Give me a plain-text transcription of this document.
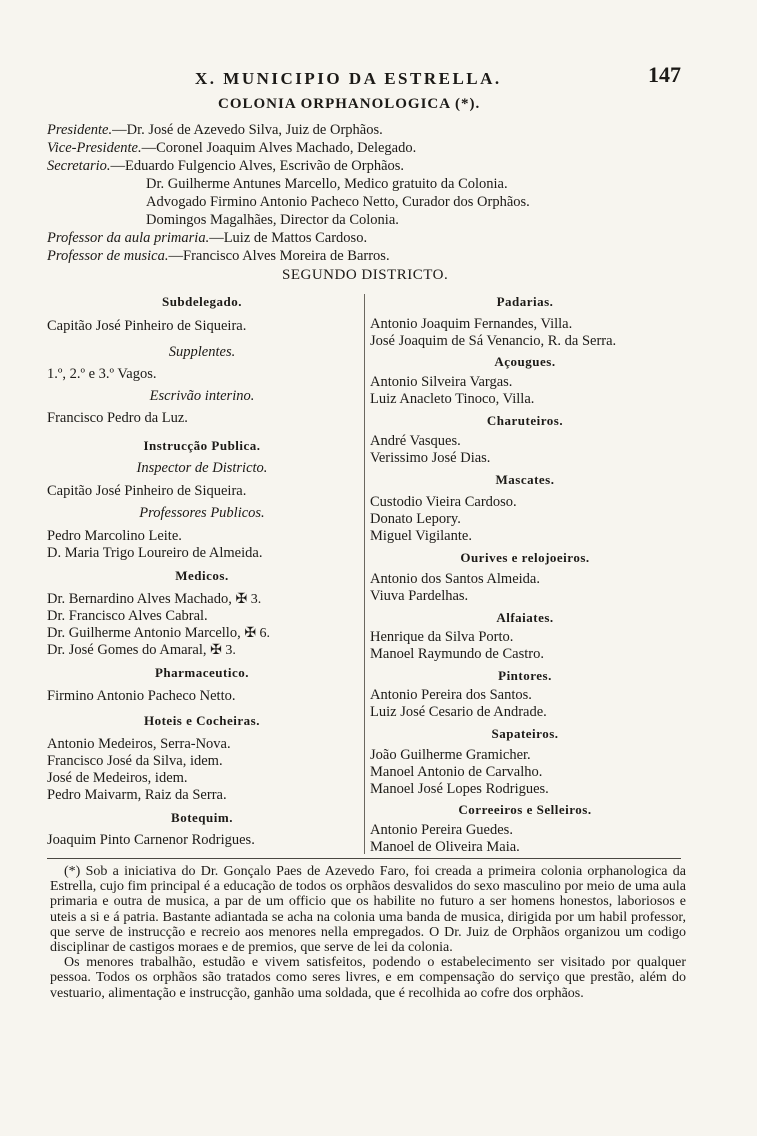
X. MUNICIPIO DA ESTRELLA.	147
COLONIA ORPHANOLOGICA (*).
Presidente.—Dr. José de Azevedo Silva, Juiz de Orphãos.
Vice-Presidente.—Coronel Joaquim Alves Machado, Delegado.
Secretario.—Eduardo Fulgencio Alves, Escrivão de Orphãos.
Dr. Guilherme Antunes Marcello, Medico gratuito da Colonia.
Advogado Firmino Antonio Pacheco Netto, Curador dos Orphãos.
Domingos Magalhães, Director da Colonia.
Professor da aula primaria.—Luiz de Mattos Cardoso.
Professor de musica.—Francisco Alves Moreira de Barros.
SEGUNDO DISTRICTO.
Subdelegado.
Capitão José Pinheiro de Siqueira.
Supplentes.
1.º, 2.º e 3.º Vagos.
Escrivão interino.
Francisco Pedro da Luz.
Instrucção Publica.
Inspector de Districto.
Capitão José Pinheiro de Siqueira.
Professores Publicos.
Pedro Marcolino Leite.
D. Maria Trigo Loureiro de Almeida.
Medicos.
Dr. Bernardino Alves Machado, ✠ 3.
Dr. Francisco Alves Cabral.
Dr. Guilherme Antonio Marcello, ✠ 6.
Dr. José Gomes do Amaral, ✠ 3.
Pharmaceutico.
Firmino Antonio Pacheco Netto.
Hoteis e Cocheiras.
Antonio Medeiros, Serra-Nova.
Francisco José da Silva, idem.
José de Medeiros, idem.
Pedro Maivarm, Raiz da Serra.
Botequim.
Joaquim Pinto Carnenor Rodrigues.
Padarias.
Antonio Joaquim Fernandes, Villa.
José Joaquim de Sá Venancio, R. da Serra.
Açougues.
Antonio Silveira Vargas.
Luiz Anacleto Tinoco, Villa.
Charuteiros.
André Vasques.
Verissimo José Dias.
Mascates.
Custodio Vieira Cardoso.
Donato Lepory.
Miguel Vigilante.
Ourives e relojoeiros.
Antonio dos Santos Almeida.
Viuva Pardelhas.
Alfaiates.
Henrique da Silva Porto.
Manoel Raymundo de Castro.
Pintores.
Antonio Pereira dos Santos.
Luiz José Cesario de Andrade.
Sapateiros.
João Guilherme Gramicher.
Manoel Antonio de Carvalho.
Manoel José Lopes Rodrigues.
Correeiros e Selleiros.
Antonio Pereira Guedes.
Manoel de Oliveira Maia.

(*) Sob a iniciativa do Dr. Gonçalo Paes de Azevedo Faro, foi creada a primeira colonia orphanologica da Estrella, cujo fim principal é a educação de todos os orphãos desvalidos do sexo masculino por meio de uma aula primaria e outra de musica, a par de um officio que os habilite no futuro a ser homens honestos, laboriosos e uteis a si e á patria. Bastante adiantada se acha na colonia uma banda de musica, dirigida por um habil professor, que serve de instrucção e recreio aos menores nella empregados. O Dr. Juiz de Orphãos organizou um codigo disciplinar de castigos moraes e de premios, que serve de lei da colonia.

Os menores trabalhão, estudão e vivem satisfeitos, podendo o estabelecimento ser visitado por qualquer pessoa. Todos os orphãos são tratados como seres livres, e em compensação do serviço que prestão, além do vestuario, alimentação e instrucção, ganhão uma soldada, que é recolhida ao cofre dos orphãos.
